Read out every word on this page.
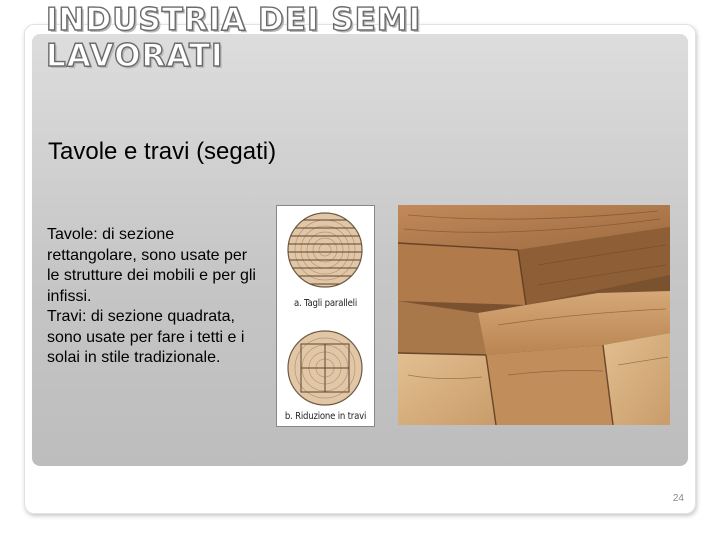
INDUSTRIA DEI SEMI LAVORATI
Tavole e travi (segati)

Tavole: di sezione rettangolare, sono usate per le strutture dei mobili e per gli infissi.

Travi: di sezione quadrata, sono usate per fare i tetti e i solai in stile tradizionale.

a. Tagli paralleli
b. Riduzione in travi
24
